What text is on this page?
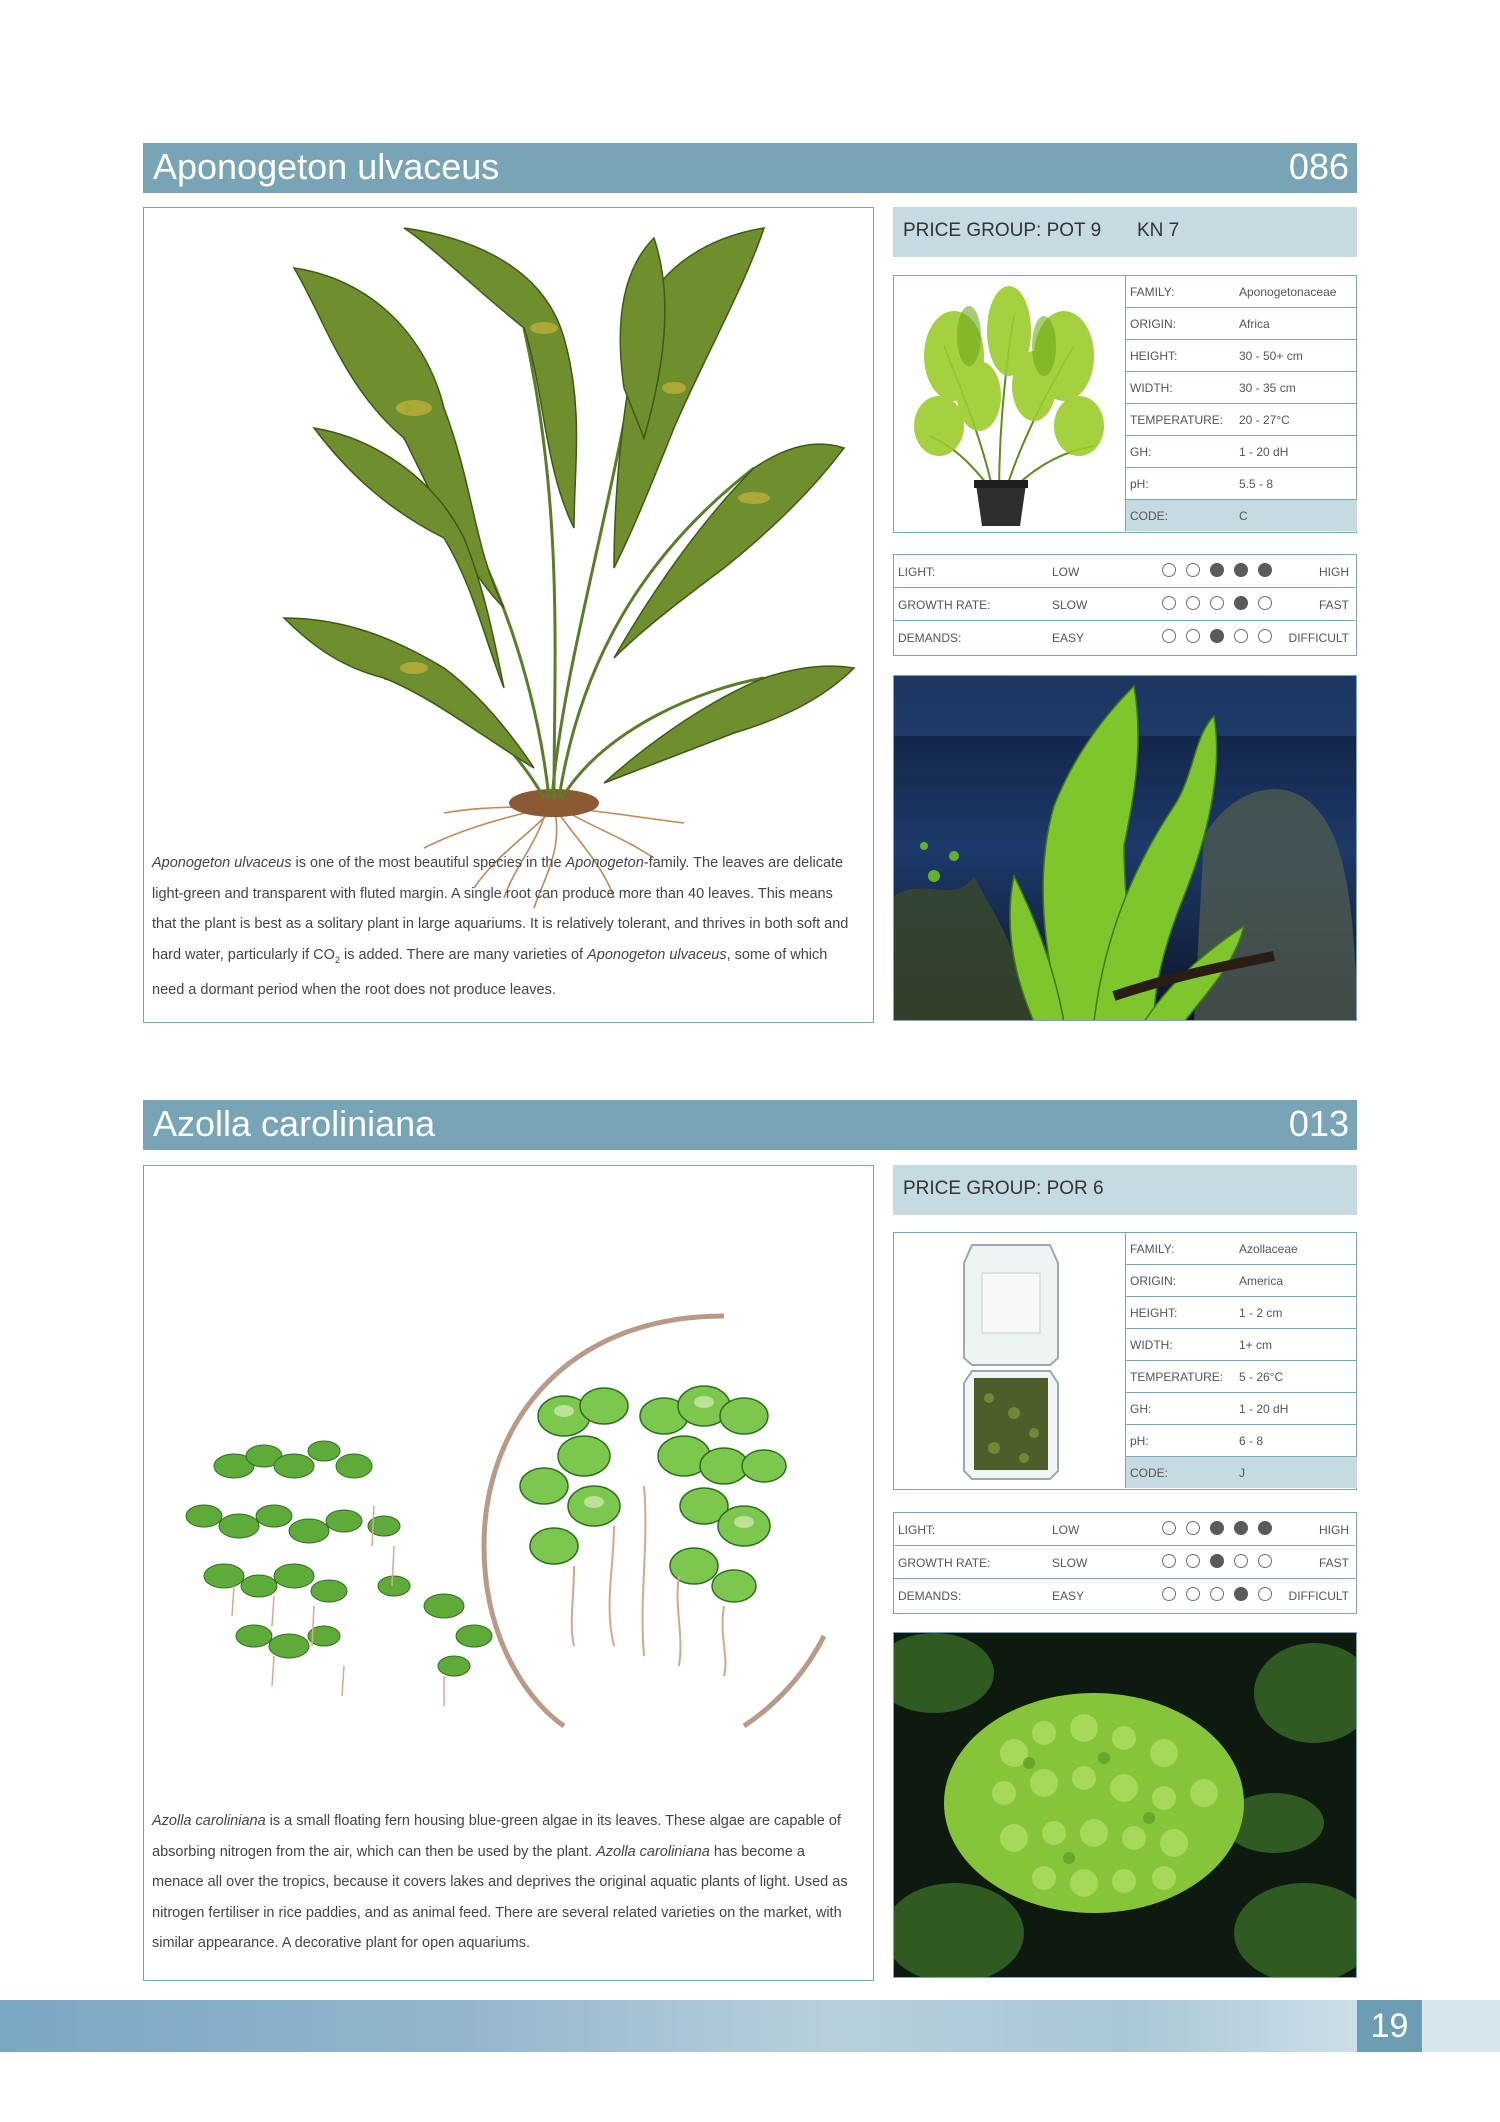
Aponogeton ulvaceus	086
Aponogeton ulvaceus is one of the most beautiful species in the Aponogeton-family. The leaves are delicate light-green and transparent with fluted margin. A single root can produce more than 40 leaves. This means that the plant is best as a solitary plant in large aquariums. It is relatively tolerant, and thrives in both soft and hard water, particularly if $CO_2$ is added. There are many varieties of Aponogeton ulvaceus, some of which need a dormant period when the root does not produce leaves.
PRICE GROUP: POT 9 KN 7
FAMILY:	Aponogetonaceae
ORIGIN:	Africa
HEIGHT:	30 - 50+ cm
WIDTH:	30 - 35 cm
TEMPERATURE: 20 - 27°C
GH:	1 - 20 dH
pH:	5.5 - 8
CODE:	C
LIGHT:	LOW	HIGH
GROWTH RATE:	SLOW	FAST
DEMANDS:	EASY	DIFFICULT
Azolla caroliniana	013
Azolla caroliniana is a small floating fern housing blue-green algae in its leaves. These algae are capable of absorbing nitrogen from the air, which can then be used by the plant. Azolla caroliniana has become a menace all over the tropics, because it covers lakes and deprives the original aquatic plants of light. Used as nitrogen fertiliser in rice paddies, and as animal feed. There are several related varieties on the market, with similar appearance. A decorative plant for open aquariums.
PRICE GROUP: POR 6
FAMILY:	Azollaceae
ORIGIN:	America
HEIGHT:	1 - 2 cm
WIDTH:	1+ cm
TEMPERATURE: 5 - 26°C
GH:	1 - 20 dH
pH:	6 - 8
CODE:	J
LIGHT:	LOW	HIGH
GROWTH RATE:	SLOW	FAST
DEMANDS:	EASY	DIFFICULT
19
